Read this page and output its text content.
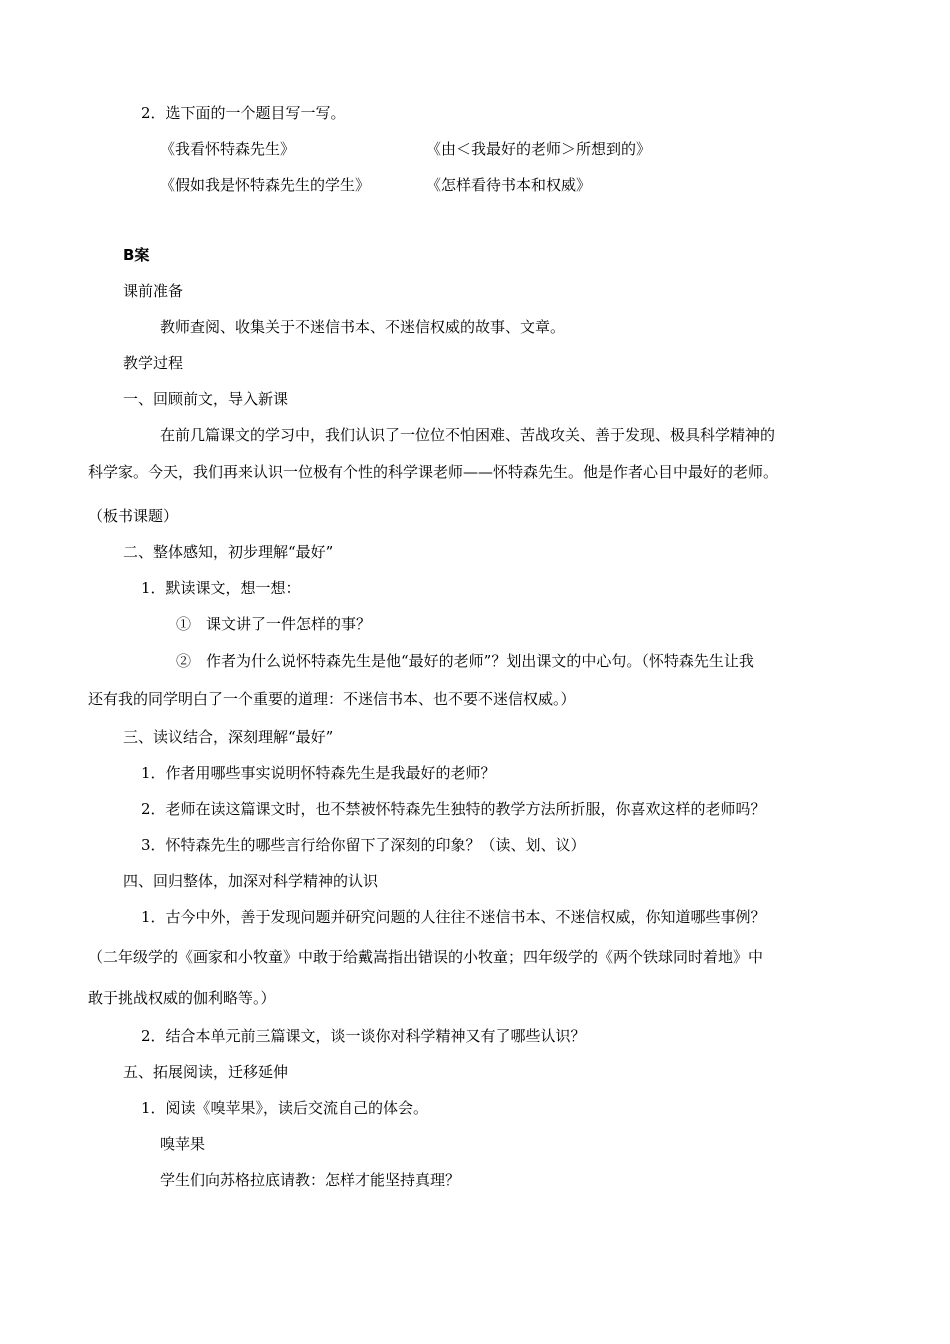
2．选下面的一个题目写一写。
《我看怀特森先生》	《由＜我最好的老师＞所想到的》
《假如我是怀特森先生的学生》	《怎样看待书本和权威》
B案
课前准备
教师查阅、收集关于不迷信书本、不迷信权威的故事、文章。
教学过程
一、回顾前文，导入新课
在前几篇课文的学习中，我们认识了一位位不怕困难、苦战攻关、善于发现、极具科学精神的
科学家。今天，我们再来认识一位极有个性的科学课老师——怀特森先生。他是作者心目中最好的老师。
（板书课题）
二、整体感知，初步理解“最好”
1．默读课文，想一想：
①　课文讲了一件怎样的事？
②　作者为什么说怀特森先生是他“最好的老师”？划出课文的中心句。（怀特森先生让我
还有我的同学明白了一个重要的道理：不迷信书本、也不要不迷信权威。）
三、读议结合，深刻理解“最好”
1．作者用哪些事实说明怀特森先生是我最好的老师？
2．老师在读这篇课文时，也不禁被怀特森先生独特的教学方法所折服，你喜欢这样的老师吗？
3．怀特森先生的哪些言行给你留下了深刻的印象？（读、划、议）
四、回归整体，加深对科学精神的认识
1．古今中外，善于发现问题并研究问题的人往往不迷信书本、不迷信权威，你知道哪些事例？
（二年级学的《画家和小牧童》中敢于给戴嵩指出错误的小牧童；四年级学的《两个铁球同时着地》中
敢于挑战权威的伽利略等。）
2．结合本单元前三篇课文，谈一谈你对科学精神又有了哪些认识？
五、拓展阅读，迁移延伸
1．阅读《嗅苹果》，读后交流自己的体会。
嗅苹果
学生们向苏格拉底请教：怎样才能坚持真理？
